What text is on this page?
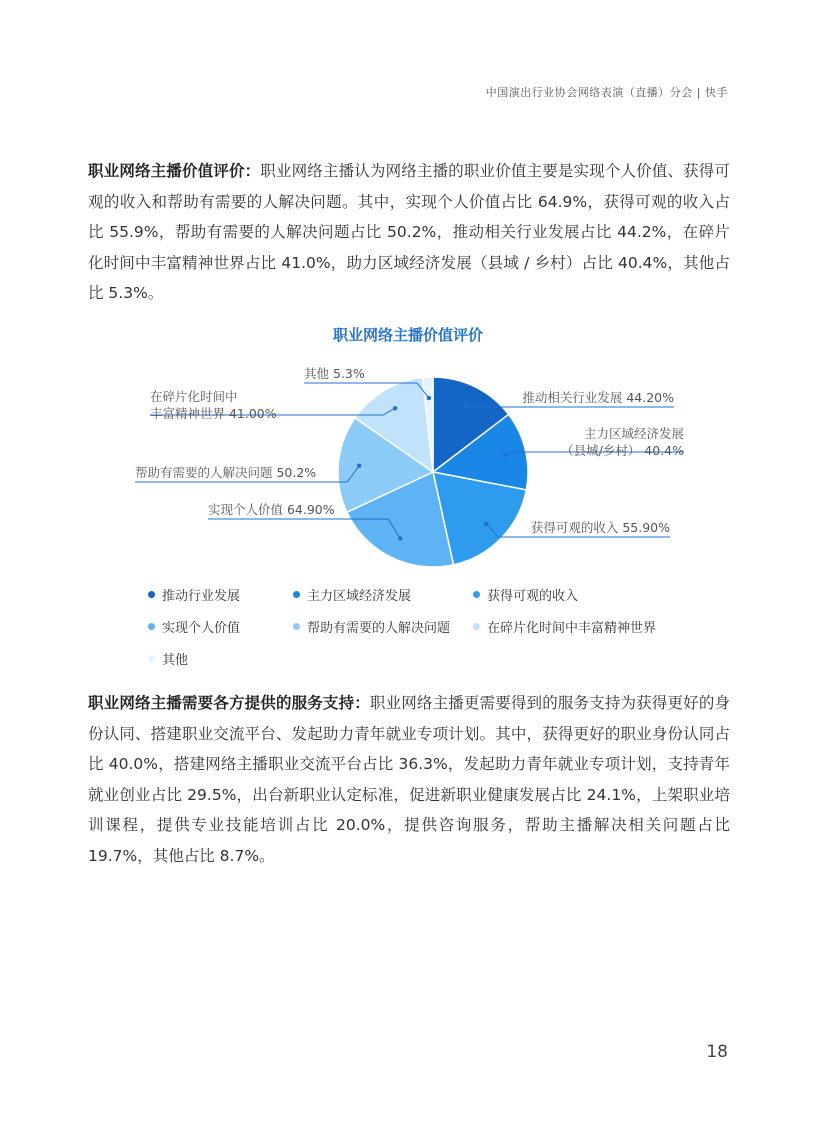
中国演出行业协会网络表演（直播）分会 | 快手
职业网络主播价值评价：职业网络主播认为网络主播的职业价值主要是实现个人价值、获得可观的收入和帮助有需要的人解决问题。其中，实现个人价值占比 64.9%，获得可观的收入占比 55.9%，帮助有需要的人解决问题占比 50.2%，推动相关行业发展占比 44.2%，在碎片化时间中丰富精神世界占比 41.0%，助力区域经济发展（县域 / 乡村）占比 40.4%，其他占比 5.3%。
职业网络主播价值评价
推动相关行业发展 44.20%
主力区域经济发展
（县城/乡村） 40.4%
获得可观的收入 55.90%
实现个人价值 64.90%
帮助有需要的人解决问题 50.2%
在碎片化时间中
丰富精神世界 41.00%
其他 5.3%
推动行业发展	主力区域经济发展	获得可观的收入
实现个人价值	帮助有需要的人解决问题	在碎片化时间中丰富精神世界
其他
职业网络主播需要各方提供的服务支持：职业网络主播更需要得到的服务支持为获得更好的身份认同、搭建职业交流平台、发起助力青年就业专项计划。其中，获得更好的职业身份认同占比 40.0%，搭建网络主播职业交流平台占比 36.3%，发起助力青年就业专项计划，支持青年就业创业占比 29.5%，出台新职业认定标准，促进新职业健康发展占比 24.1%，上架职业培训课程，提供专业技能培训占比 20.0%，提供咨询服务，帮助主播解决相关问题占比 19.7%，其他占比 8.7%。
18
